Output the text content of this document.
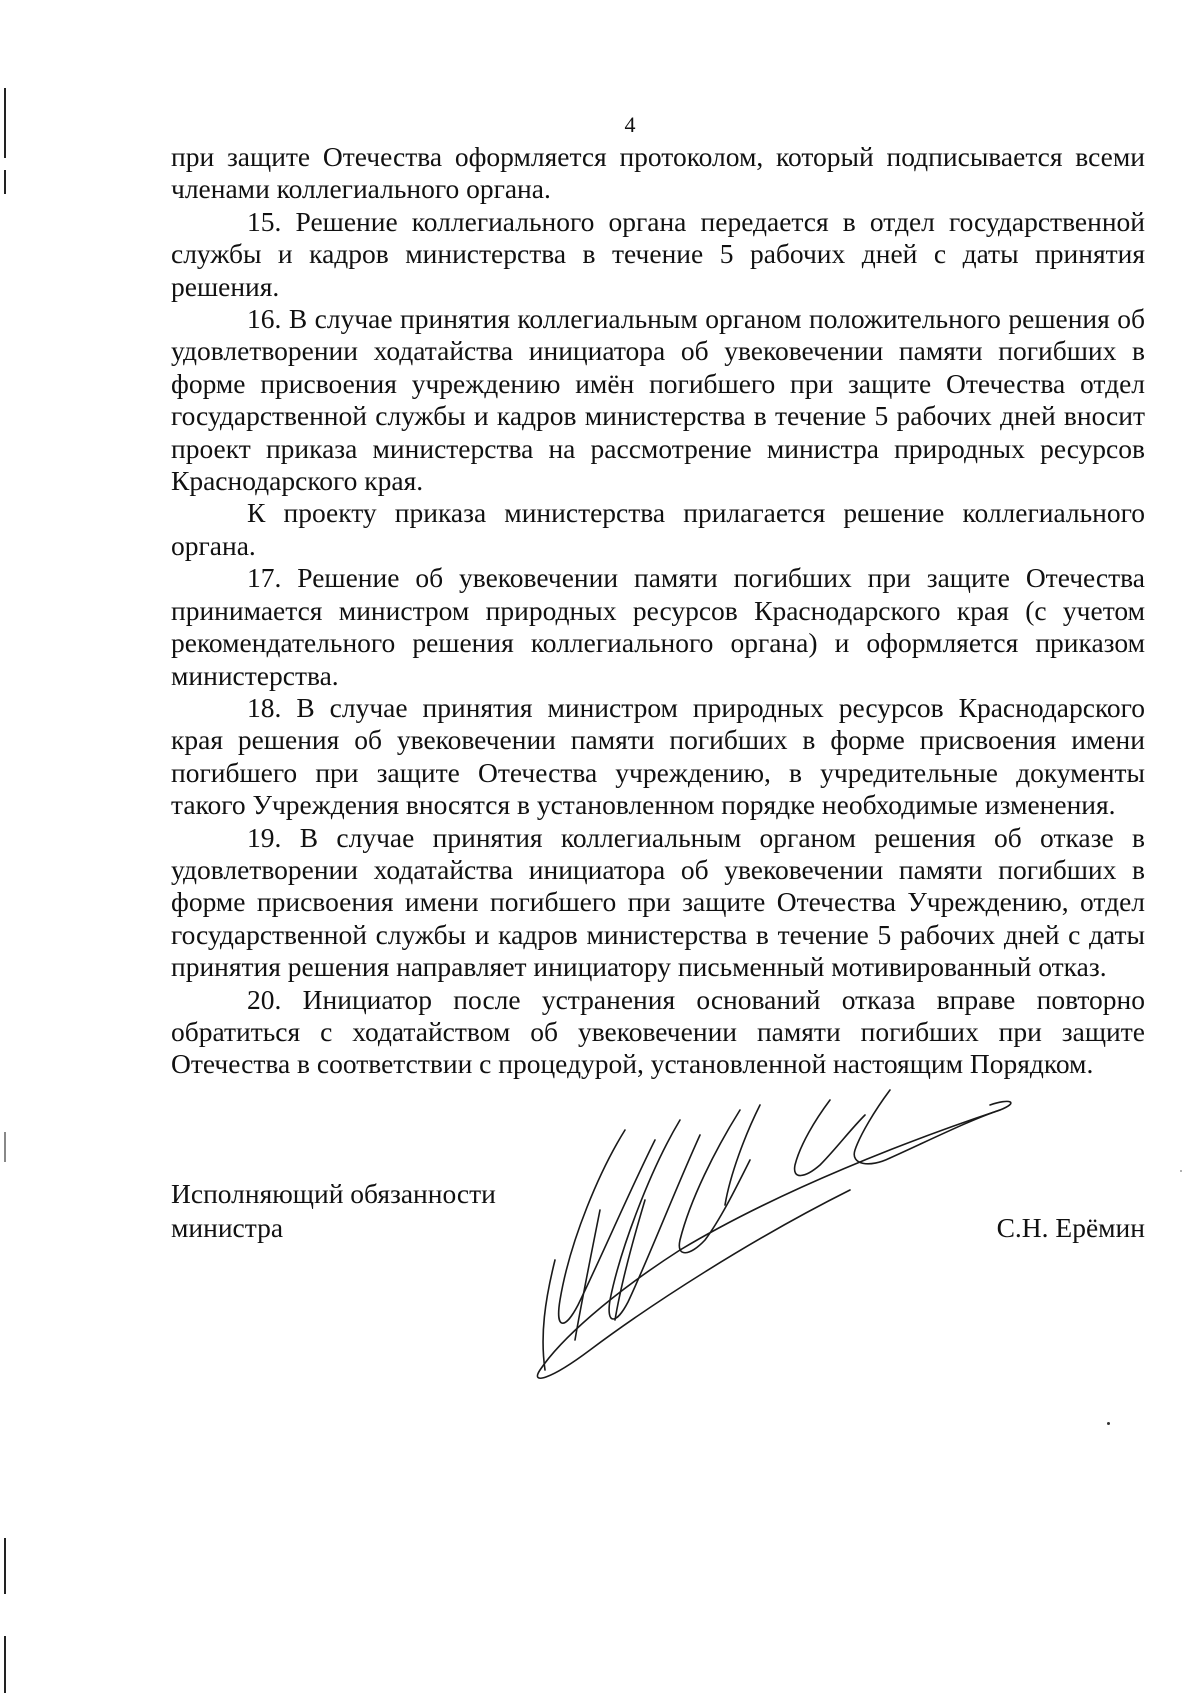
4

при защите Отечества оформляется протоколом, который подписывается всеми членами коллегиального органа.

15. Решение коллегиального органа передается в отдел государственной службы и кадров министерства в течение 5 рабочих дней с даты принятия решения.

16. В случае принятия коллегиальным органом положительного решения об удовлетворении ходатайства инициатора об увековечении памяти погибших в форме присвоения учреждению имён погибшего при защите Отечества отдел государственной службы и кадров министерства в течение 5 рабочих дней вносит проект приказа министерства на рассмотрение министра природных ресурсов Краснодарского края.

К проекту приказа министерства прилагается решение коллегиального органа.

17. Решение об увековечении памяти погибших при защите Отечества принимается министром природных ресурсов Краснодарского края (с учетом рекомендательного решения коллегиального органа) и оформляется приказом министерства.

18. В случае принятия министром природных ресурсов Краснодарского края решения об увековечении памяти погибших в форме присвоения имени погибшего при защите Отечества учреждению, в учредительные документы такого Учреждения вносятся в установленном порядке необходимые изменения.

19. В случае принятия коллегиальным органом решения об отказе в удовлетворении ходатайства инициатора об увековечении памяти погибших в форме присвоения имени погибшего при защите Отечества Учреждению, отдел государственной службы и кадров министерства в течение 5 рабочих дней с даты принятия решения направляет инициатору письменный мотивированный отказ.

20. Инициатор после устранения оснований отказа вправе повторно обратиться с ходатайством об увековечении памяти погибших при защите Отечества в соответствии с процедурой, установленной настоящим Порядком.

Исполняющий обязанности
министра	С.Н. Ерёмин
